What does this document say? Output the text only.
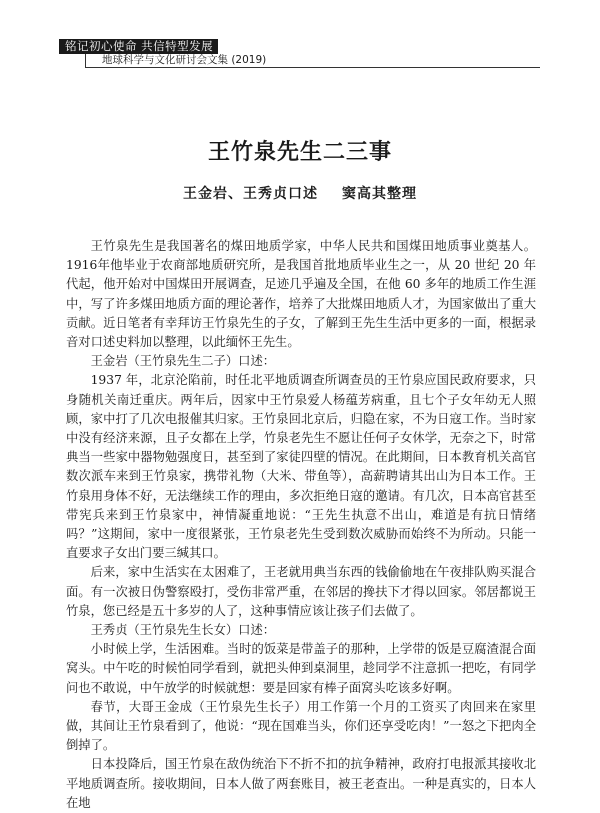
铭记初心使命 共信特型发展
地球科学与文化研讨会文集 (2019)
王竹泉先生二三事
王金岩、王秀贞口述 窦高其整理

王竹泉先生是我国著名的煤田地质学家，中华人民共和国煤田地质事业奠基人。1916年他毕业于农商部地质研究所，是我国首批地质毕业生之一，从 20 世纪 20 年代起，他开始对中国煤田开展调查，足迹几乎遍及全国，在他 60 多年的地质工作生涯中，写了许多煤田地质方面的理论著作，培养了大批煤田地质人才，为国家做出了重大贡献。近日笔者有幸拜访王竹泉先生的子女，了解到王先生生活中更多的一面，根据录音对口述史料加以整理，以此缅怀王先生。

王金岩（王竹泉先生二子）口述：

1937 年，北京沦陷前，时任北平地质调查所调查员的王竹泉应国民政府要求，只身随机关南迁重庆。两年后，因家中王竹泉爱人杨蕴芳病重，且七个子女年幼无人照顾，家中打了几次电报催其归家。王竹泉回北京后，归隐在家，不为日寇工作。当时家中没有经济来源，且子女都在上学，竹泉老先生不愿让任何子女休学，无奈之下，时常典当一些家中器物勉强度日，甚至到了家徒四壁的情况。在此期间，日本教育机关高官数次派车来到王竹泉家，携带礼物（大米、带鱼等），高薪聘请其出山为日本工作。王竹泉用身体不好，无法继续工作的理由，多次拒绝日寇的邀请。有几次，日本高官甚至带宪兵来到王竹泉家中，神情凝重地说：“王先生执意不出山，难道是有抗日情绪吗？”这期间，家中一度很紧张，王竹泉老先生受到数次威胁而始终不为所动。只能一直要求子女出门要三缄其口。

后来，家中生活实在太困难了，王老就用典当东西的钱偷偷地在午夜排队购买混合面。有一次被日伪警察殴打，受伤非常严重，在邻居的搀扶下才得以回家。邻居都说王竹泉，您已经是五十多岁的人了，这种事情应该让孩子们去做了。

王秀贞（王竹泉先生长女）口述：

小时候上学，生活困难。当时的饭菜是带盖子的那种，上学带的饭是豆腐渣混合面窝头。中午吃的时候怕同学看到，就把头伸到桌洞里，趁同学不注意抓一把吃，有同学问也不敢说，中午放学的时候就想：要是回家有棒子面窝头吃该多好啊。

春节，大哥王金成（王竹泉先生长子）用工作第一个月的工资买了肉回来在家里做，其间让王竹泉看到了，他说：“现在国难当头，你们还享受吃肉！”一怒之下把肉全倒掉了。

日本投降后，国王竹泉在敌伪统治下不折不扣的抗争精神，政府打电报派其接收北平地质调查所。接收期间，日本人做了两套账目，被王老查出。一种是真实的，日本人在地
